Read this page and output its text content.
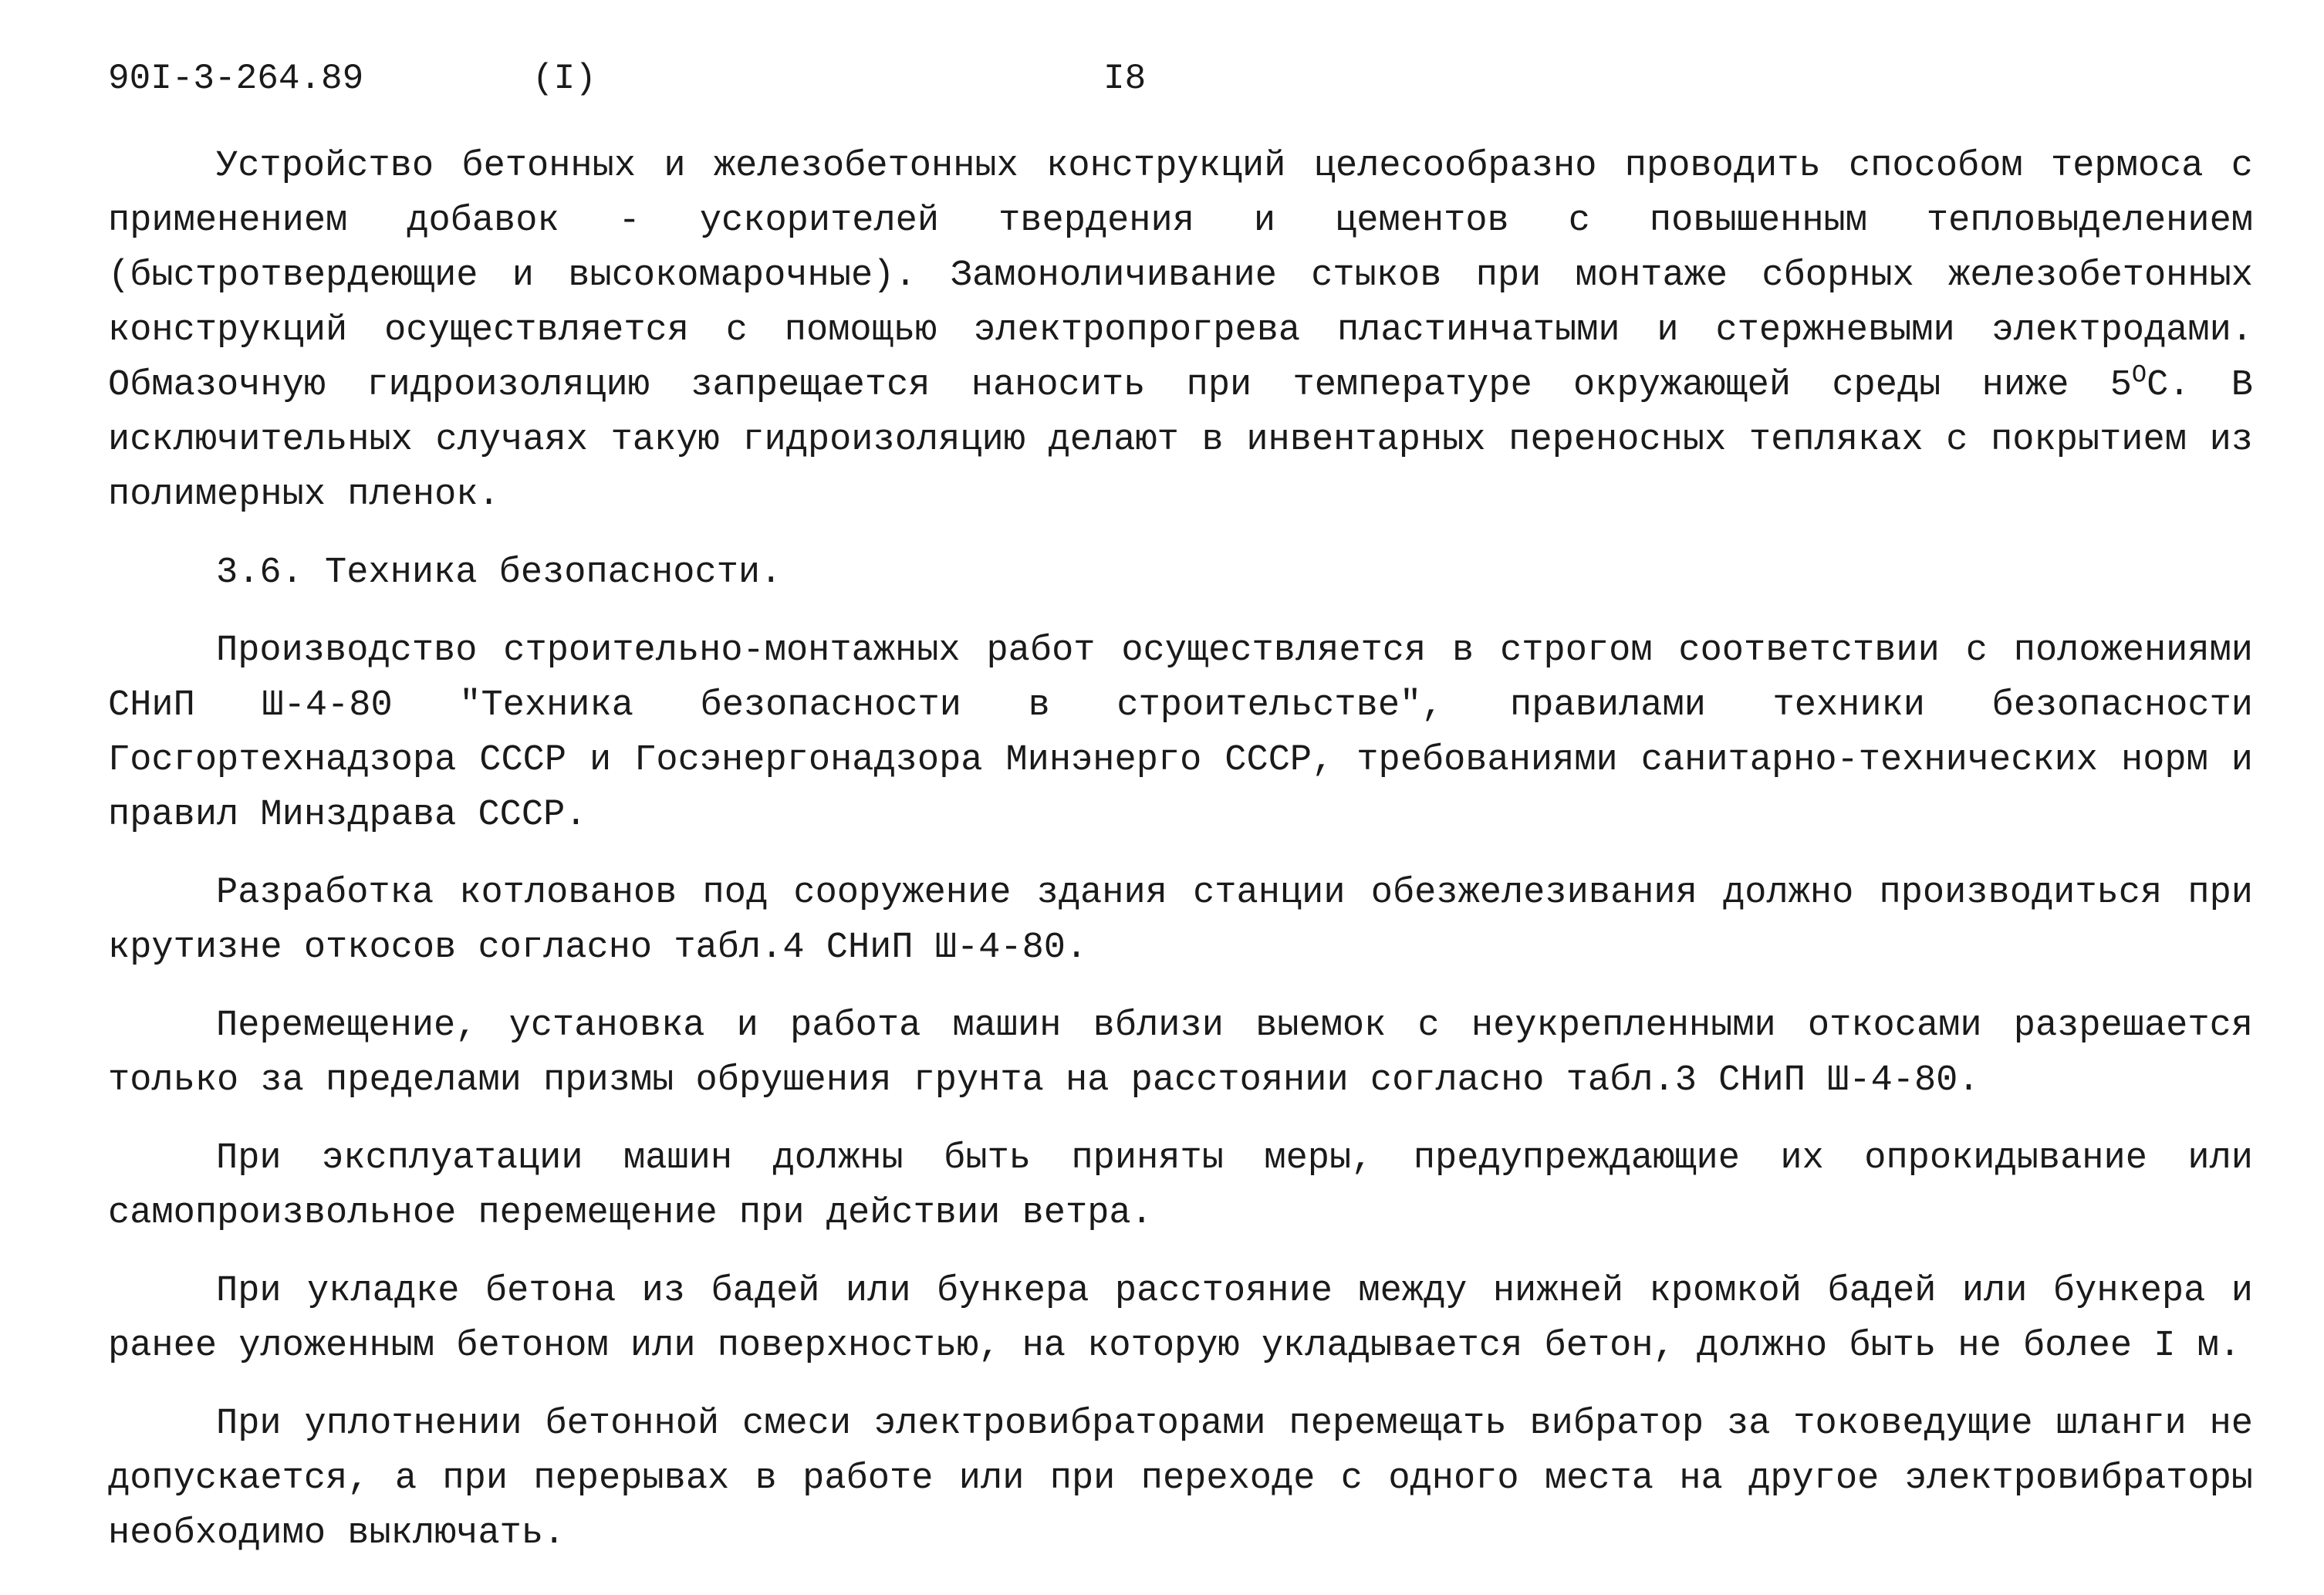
90I-3-264.89	(I)	I8

Устройство бетонных и железобетонных конструкций целесообразно проводить способом термоса с применением добавок - ускорителей твердения и цементов с повышенным тепловыделением (быстротвердеющие и высокомарочные). Замоноличивание стыков при монтаже сборных железобетонных конструкций осуществляется с помощью электропрогрева пластинчатыми и стержневыми электродами. Обмазочную гидроизоляцию запрещается наносить при температуре окружающей среды ниже $5^OC$. В исключительных случаях такую гидроизоляцию делают в инвентарных переносных тепляках с покрытием из полимерных пленок.

3.6. Техника безопасности.

Производство строительно-монтажных работ осуществляется в строгом соответствии с положениями СНиП Ш-4-80 "Техника безопасности в строительстве", правилами техники безопасности Госгортехнадзора СССР и Госэнергонадзора Минэнерго СССР, требованиями санитарно-технических норм и правил Минздрава СССР.

Разработка котлованов под сооружение здания станции обезжелезивания должно производиться при крутизне откосов согласно табл.4 СНиП Ш-4-80.

Перемещение, установка и работа машин вблизи выемок с неукрепленными откосами разрешается только за пределами призмы обрушения грунта на расстоянии согласно табл.3 СНиП Ш-4-80.

При эксплуатации машин должны быть приняты меры, предупреждающие их опрокидывание или самопроизвольное перемещение при действии ветра.

При укладке бетона из бадей или бункера расстояние между нижней кромкой бадей или бункера и ранее уложенным бетоном или поверхностью, на которую укладывается бетон, должно быть не более I м.

При уплотнении бетонной смеси электровибраторами перемещать вибратор за токоведущие шланги не допускается, а при перерывах в работе или при переходе с одного места на другое электровибраторы необходимо выключать.
